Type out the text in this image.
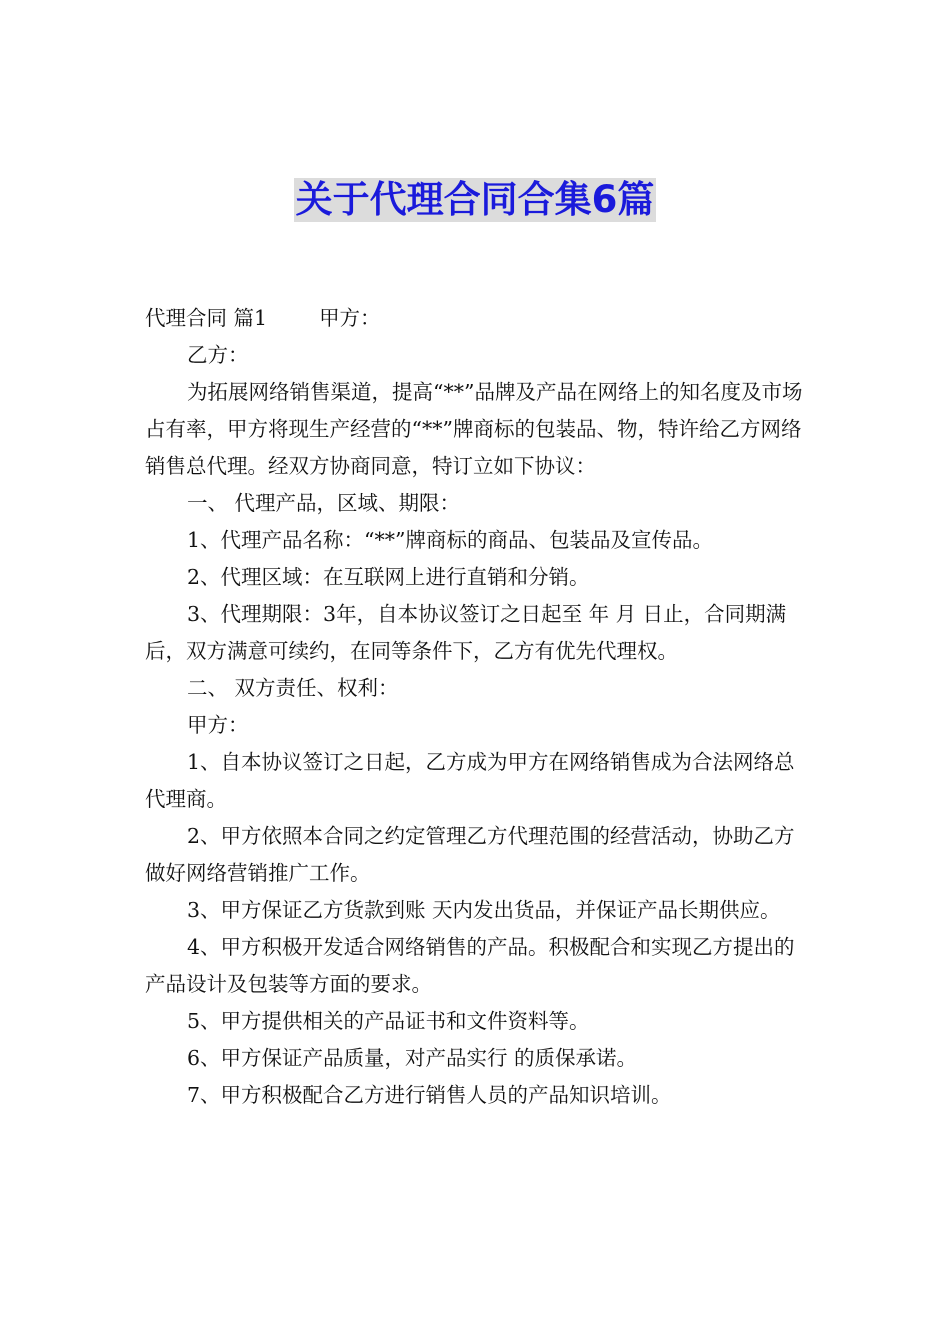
关于代理合同合集6篇

代理合同 篇1	甲方：

乙方：

为拓展网络销售渠道，提高“**”品牌及产品在网络上的知名度及市场占有率，甲方将现生产经营的“**”牌商标的包装品、物，特许给乙方网络销售总代理。经双方协商同意，特订立如下协议：

一、 代理产品，区域、期限：

1、代理产品名称：“**”牌商标的商品、包装品及宣传品。

2、代理区域：在互联网上进行直销和分销。

3、代理期限：3年，自本协议签订之日起至 年 月 日止，合同期满后，双方满意可续约，在同等条件下，乙方有优先代理权。

二、 双方责任、权利：

甲方：

1、自本协议签订之日起，乙方成为甲方在网络销售成为合法网络总代理商。

2、甲方依照本合同之约定管理乙方代理范围的经营活动，协助乙方做好网络营销推广工作。

3、甲方保证乙方货款到账 天内发出货品，并保证产品长期供应。

4、甲方积极开发适合网络销售的产品。积极配合和实现乙方提出的产品设计及包装等方面的要求。

5、甲方提供相关的产品证书和文件资料等。

6、甲方保证产品质量，对产品实行 的质保承诺。

7、甲方积极配合乙方进行销售人员的产品知识培训。
